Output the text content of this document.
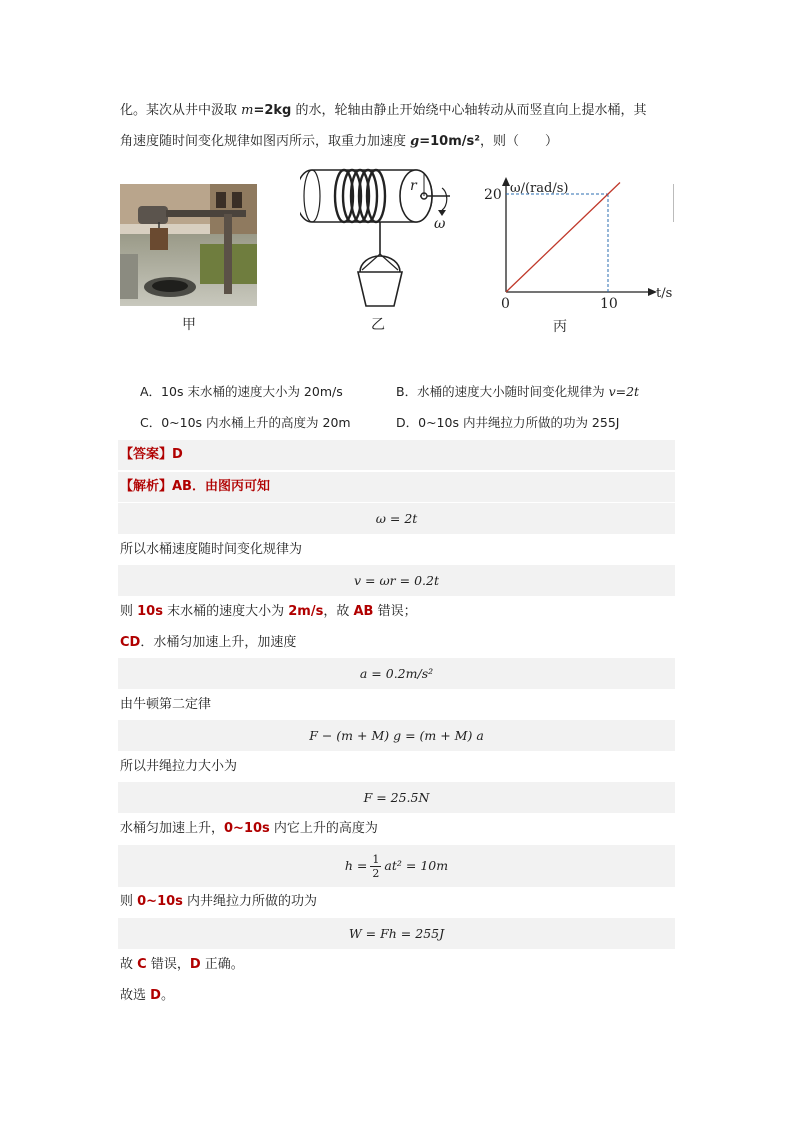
化。某次从井中汲取 m=2kg 的水，轮轴由静止开始绕中心轴转动从而竖直向上提水桶，其
角速度随时间变化规律如图丙所示，取重力加速度 g=10m/s²，则（　　）
甲
r
ω
乙
ω/(rad/s)
t/s
20
10
0
丙
A．10s 末水桶的速度大小为 20m/s	B．水桶的速度大小随时间变化规律为 v=2t
C．0~10s 内水桶上升的高度为 20m	D．0~10s 内井绳拉力所做的功为 255J
【答案】D
【解析】AB．由图丙可知
ω = 2t
所以水桶速度随时间变化规律为
v = ωr = 0.2t
则 10s 末水桶的速度大小为 2m/s，故 AB 错误；
CD．水桶匀加速上升，加速度
a = 0.2m/s²
由牛顿第二定律
F − (m + M) g = (m + M) a
所以井绳拉力大小为
F = 25.5N
水桶匀加速上升，0~10s 内它上升的高度为
$h = \frac{1}{2} at^2 = 10m$
则 0~10s 内井绳拉力所做的功为
W = Fh = 255J
故 C 错误，D 正确。
故选 D。
